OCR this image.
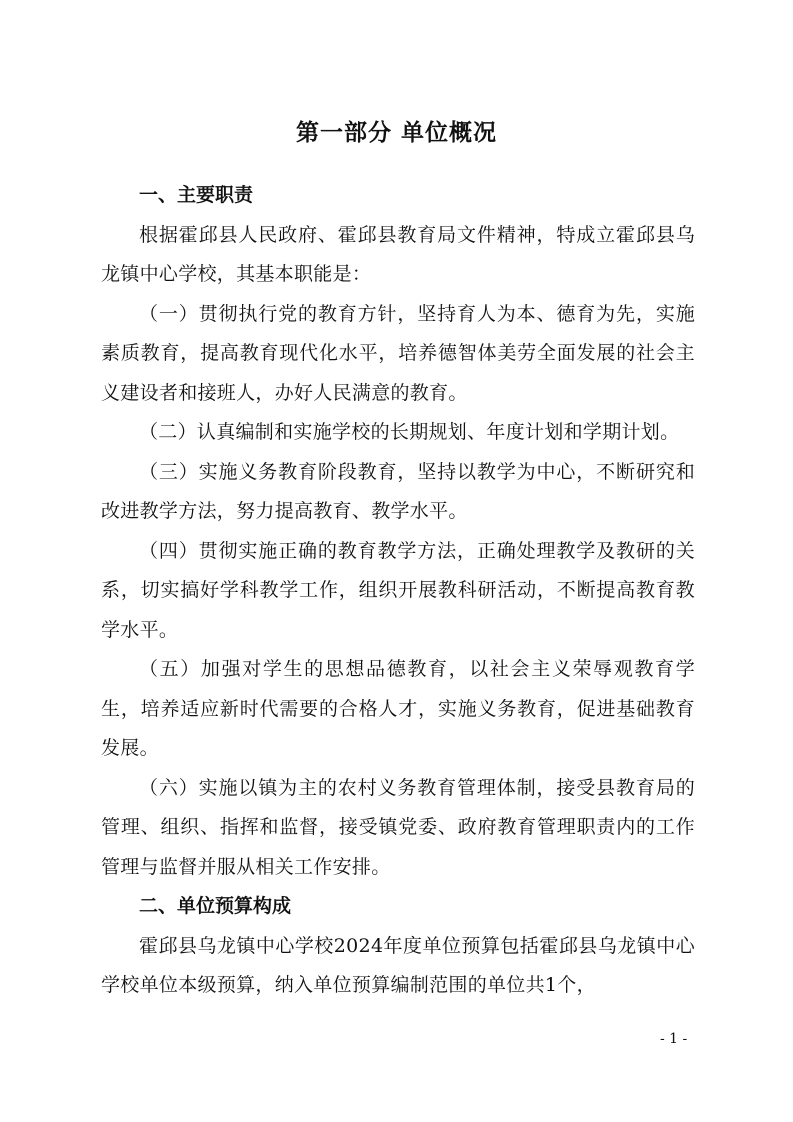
第一部分 单位概况
一、主要职责

根据霍邱县人民政府、霍邱县教育局文件精神，特成立霍邱县乌龙镇中心学校，其基本职能是：

（一）贯彻执行党的教育方针，坚持育人为本、德育为先，实施素质教育，提高教育现代化水平，培养德智体美劳全面发展的社会主义建设者和接班人，办好人民满意的教育。

（二）认真编制和实施学校的长期规划、年度计划和学期计划。

（三）实施义务教育阶段教育，坚持以教学为中心，不断研究和改进教学方法，努力提高教育、教学水平。

（四）贯彻实施正确的教育教学方法，正确处理教学及教研的关系，切实搞好学科教学工作，组织开展教科研活动，不断提高教育教学水平。

（五）加强对学生的思想品德教育，以社会主义荣辱观教育学生，培养适应新时代需要的合格人才，实施义务教育，促进基础教育发展。

（六）实施以镇为主的农村义务教育管理体制，接受县教育局的管理、组织、指挥和监督，接受镇党委、政府教育管理职责内的工作管理与监督并服从相关工作安排。

二、单位预算构成

霍邱县乌龙镇中心学校2024年度单位预算包括霍邱县乌龙镇中心学校单位本级预算，纳入单位预算编制范围的单位共1个，

- 1 -
